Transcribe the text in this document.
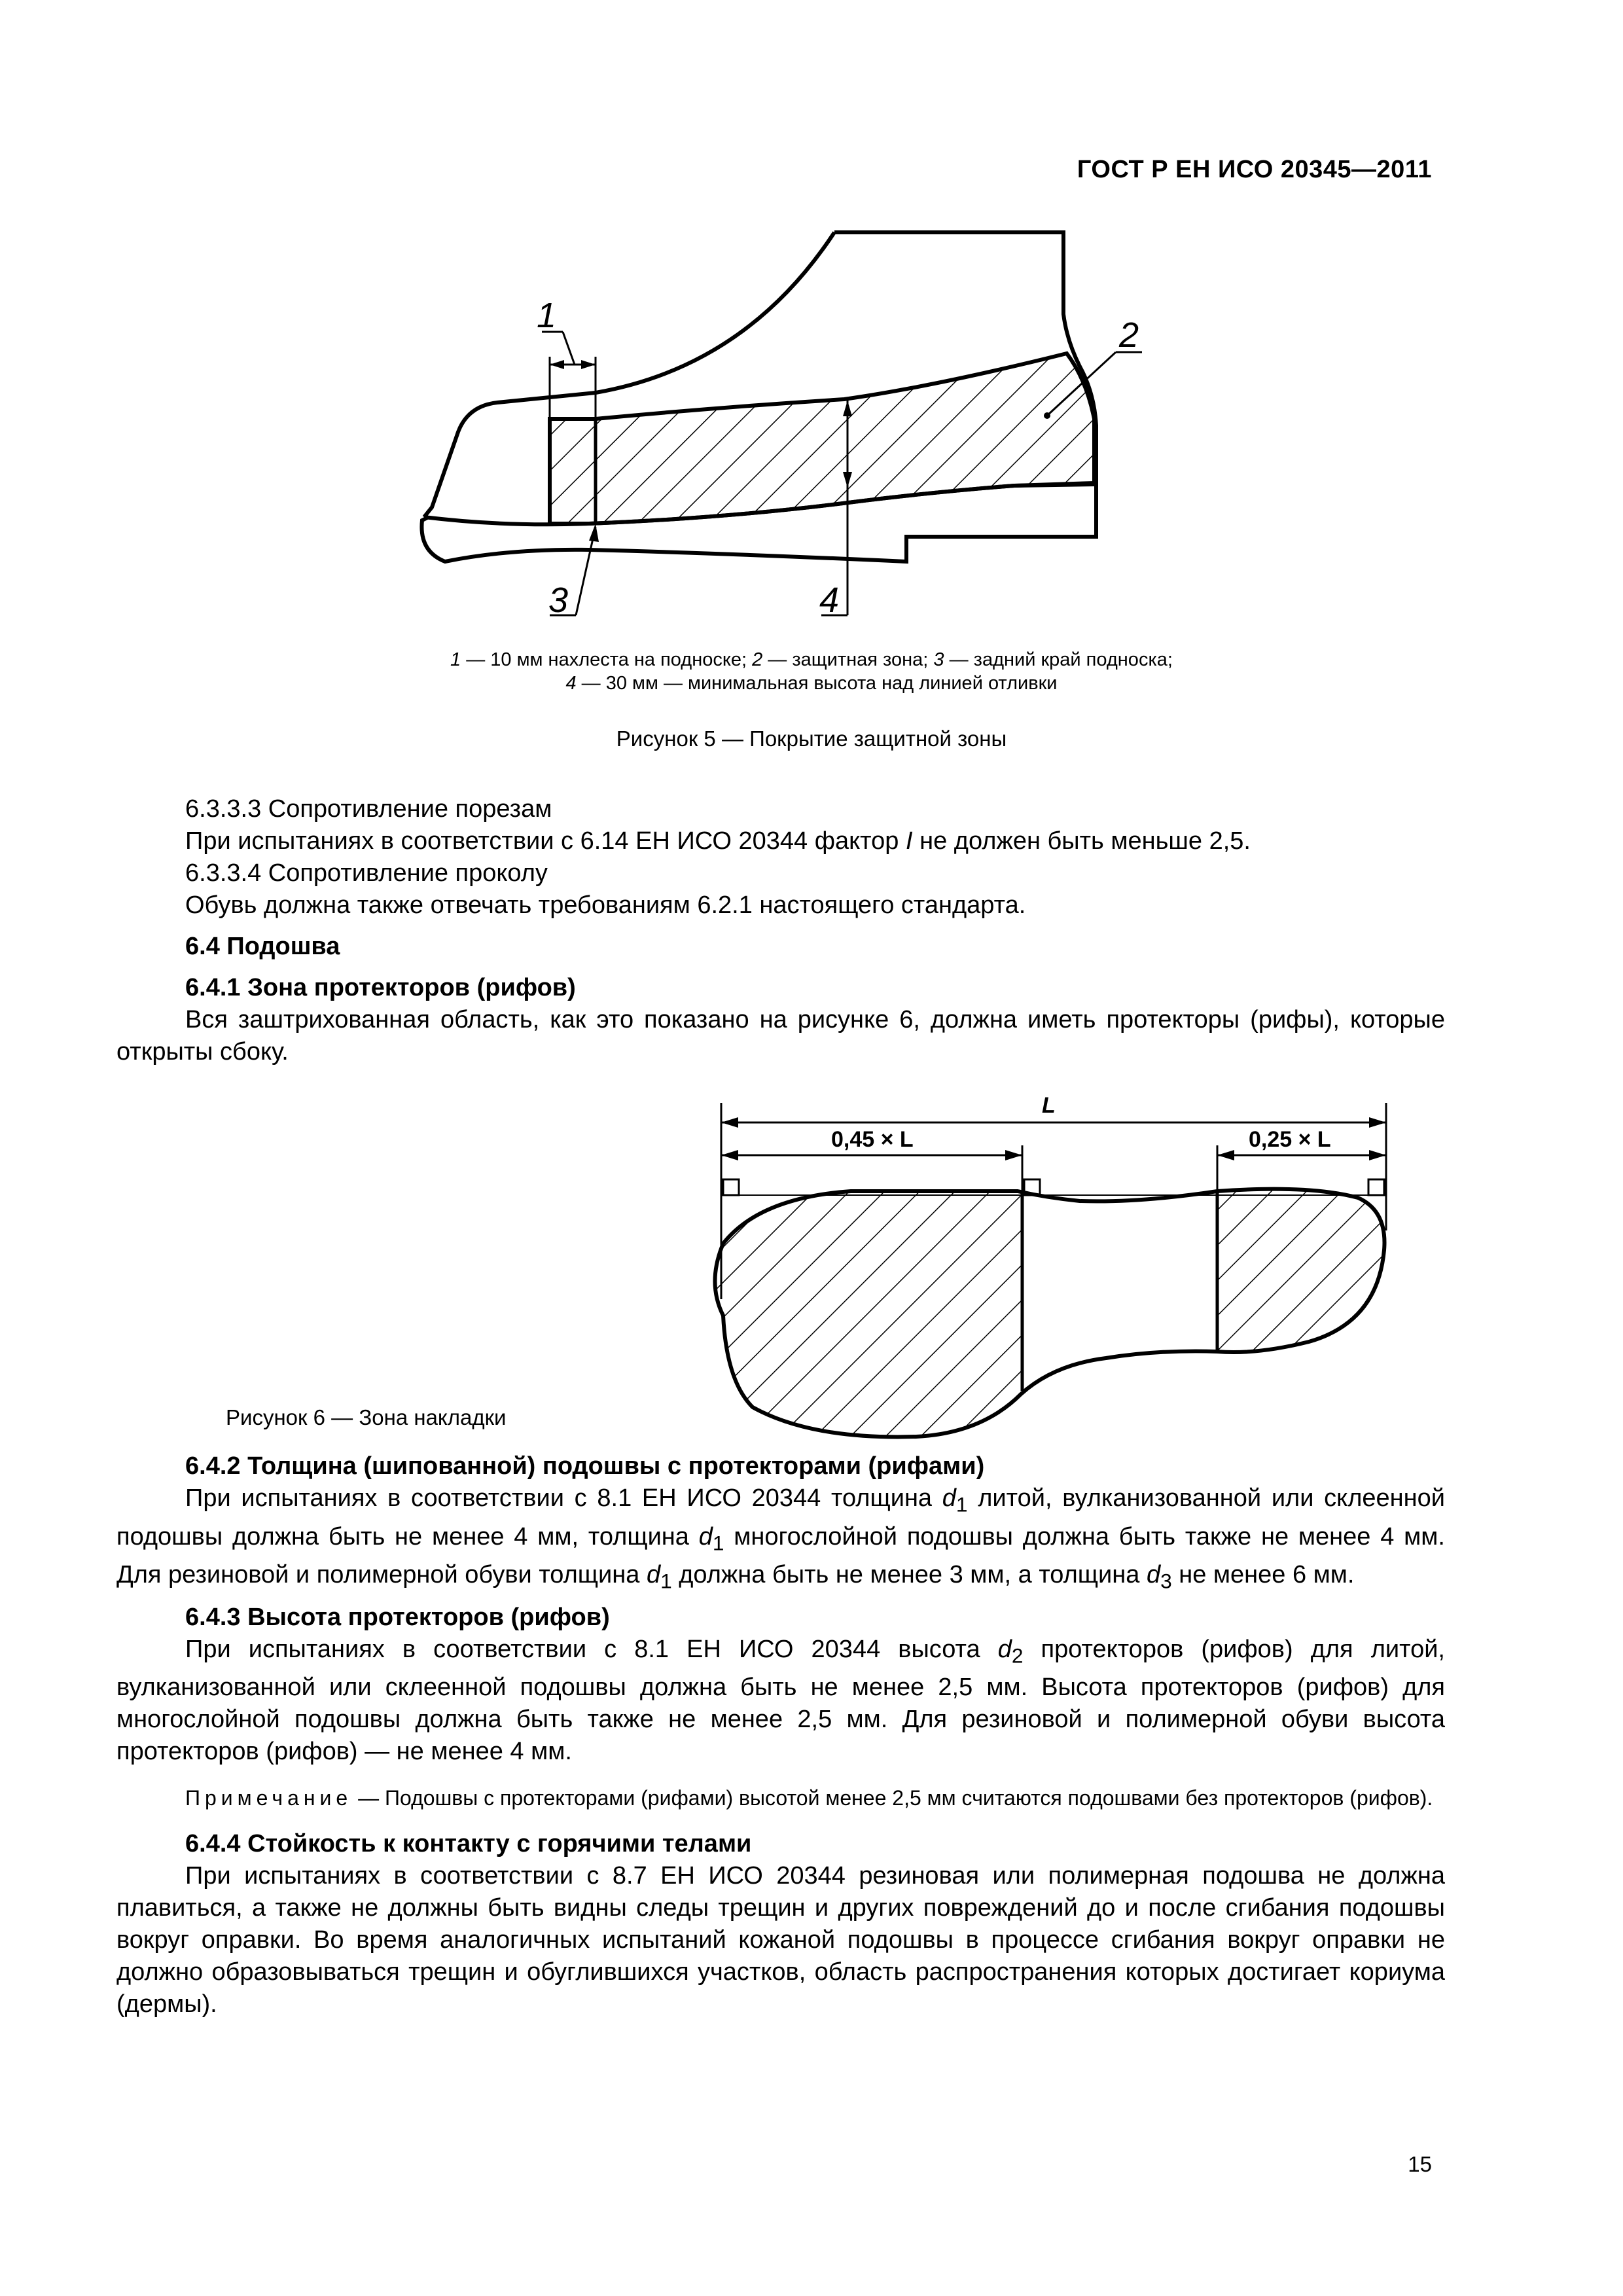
ГОСТ Р ЕН ИСО 20345—2011
1	2
3	4
1 — 10 мм нахлеста на подноске; 2 — защитная зона; 3 — задний край подноска;
4 — 30 мм — минимальная высота над линией отливки
Рисунок 5 — Покрытие защитной зоны
6.3.3.3 Сопротивление порезам
При испытаниях в соответствии с 6.14 ЕН ИСО 20344 фактор I не должен быть меньше 2,5.
6.3.3.4 Сопротивление проколу
Обувь должна также отвечать требованиям 6.2.1 настоящего стандарта.
6.4 Подошва
6.4.1 Зона протекторов (рифов)
Вся заштрихованная область, как это показано на рисунке 6, должна иметь протекторы (рифы), которые открыты сбоку.
L
0,45 × L	0,25 × L
Рисунок 6 — Зона накладки
6.4.2 Толщина (шипованной) подошвы с протекторами (рифами)
При испытаниях в соответствии с 8.1 ЕН ИСО 20344 толщина $d_1$ литой, вулканизованной или склеенной подошвы должна быть не менее 4 мм, толщина $d_1$ многослойной подошвы должна быть также не менее 4 мм. Для резиновой и полимерной обуви толщина $d_1$ должна быть не менее 3 мм, а толщина $d_3$ не менее 6 мм.
6.4.3 Высота протекторов (рифов)
При испытаниях в соответствии с 8.1 ЕН ИСО 20344 высота $d_2$ протекторов (рифов) для литой, вулканизованной или склеенной подошвы должна быть не менее 2,5 мм. Высота протекторов (рифов) для многослойной подошвы должна быть также не менее 2,5 мм. Для резиновой и полимерной обуви высота протекторов (рифов) — не менее 4 мм.
Примечание — Подошвы с протекторами (рифами) высотой менее 2,5 мм считаются подошвами без протекторов (рифов).
6.4.4 Стойкость к контакту с горячими телами
При испытаниях в соответствии с 8.7 ЕН ИСО 20344 резиновая или полимерная подошва не должна плавиться, а также не должны быть видны следы трещин и других повреждений до и после сгибания подошвы вокруг оправки. Во время аналогичных испытаний кожаной подошвы в процессе сгибания вокруг оправки не должно образовываться трещин и обуглившихся участков, область распространения которых достигает кориума (дермы).
15
